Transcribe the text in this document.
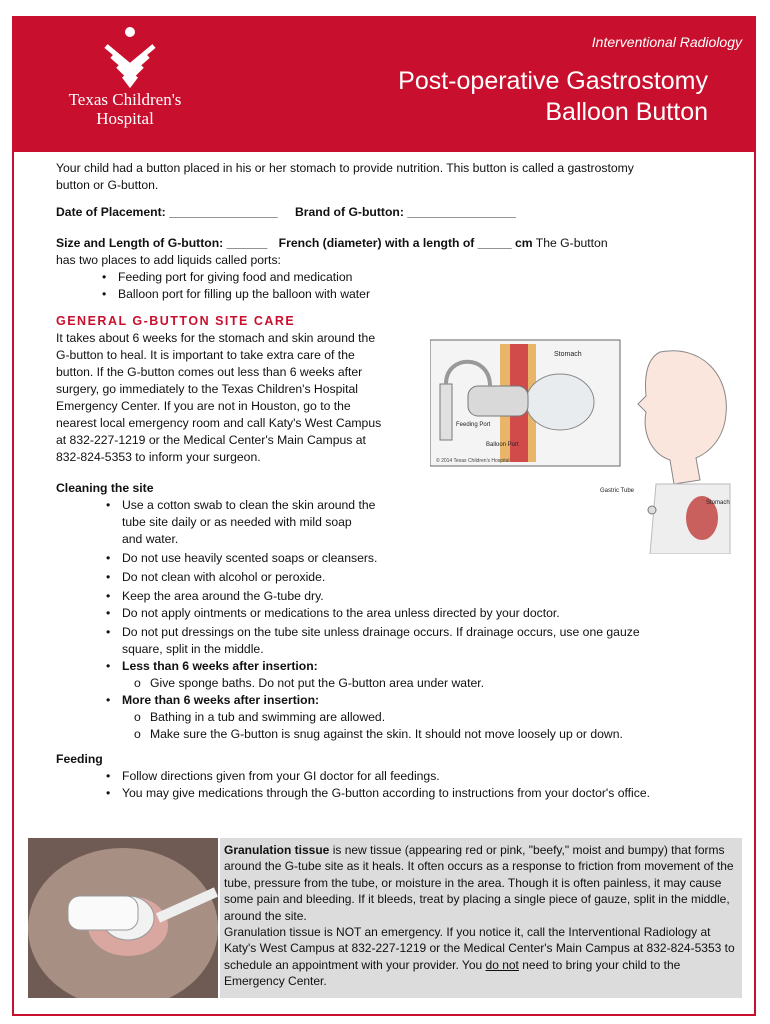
Texas Children's
Hospital
Interventional Radiology
Post-operative Gastrostomy
Balloon Button

Your child had a button placed in his or her stomach to provide nutrition. This button is called a gastrostomy button or G-button.

Date of Placement: ________________ Brand of G-button: ________________

Size and Length of G-button: ______ French (diameter) with a length of _____ cm The G-button

has two places to add liquids called ports:

• Feeding port for giving food and medication
• Balloon port for filling up the balloon with water

GENERAL G-BUTTON SITE CARE

It takes about 6 weeks for the stomach and skin around the

G-button to heal. It is important to take extra care of the

button. If the G-button comes out less than 6 weeks after

surgery, go immediately to the Texas Children's Hospital

Emergency Center. If you are not in Houston, go to the

nearest local emergency room and call Katy's West Campus

at 832-227-1219 or the Medical Center's Main Campus at

832-824-5353 to inform your surgeon.

Cleaning the site

• Use a cotton swab to clean the skin around the
tube site daily or as needed with mild soap
and water.
• Do not use heavily scented soaps or cleansers.
• Do not clean with alcohol or peroxide.
• Keep the area around the G-tube dry.
• Do not apply ointments or medications to the area unless directed by your doctor.
• Do not put dressings on the tube site unless drainage occurs. If drainage occurs, use one gauze
square, split in the middle.
• Less than 6 weeks after insertion:
o Give sponge baths. Do not put the G-button area under water.
• More than 6 weeks after insertion:
o Bathing in a tub and swimming are allowed.
o Make sure the G-button is snug against the skin. It should not move loosely up or down.

Feeding

• Follow directions given from your GI doctor for all feedings.
• You may give medications through the G-button according to instructions from your doctor's office.
Stomach
Feeding Port
Balloon Port
© 2014 Texas Children's Hospital
Gastric Tube
Stomach

Granulation tissue is new tissue (appearing red or pink, "beefy," moist and bumpy) that forms around the G-tube site as it heals. It often occurs as a response to friction from movement of the tube, pressure from the tube, or moisture in the area. Though it is often painless, it may cause some pain and bleeding. If it bleeds, treat by placing a single piece of gauze, split in the middle, around the site.

Granulation tissue is NOT an emergency. If you notice it, call the Interventional Radiology at Katy's West Campus at 832-227-1219 or the Medical Center's Main Campus at 832-824-5353 to schedule an appointment with your provider. You do not need to bring your child to the Emergency Center.
